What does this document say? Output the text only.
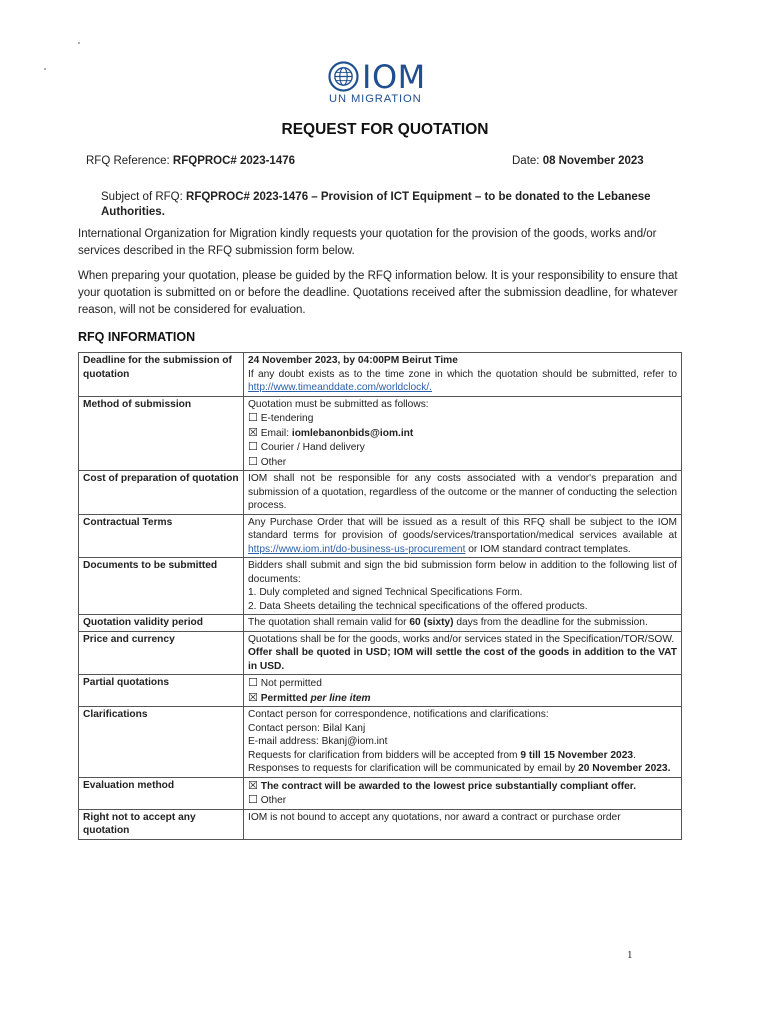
IOM
UN MIGRATION
REQUEST FOR QUOTATION
RFQ Reference: RFQPROC# 2023-1476	Date: 08 November 2023
Subject of RFQ: RFQPROC# 2023-1476 – Provision of ICT Equipment – to be donated to the Lebanese Authorities.
International Organization for Migration kindly requests your quotation for the provision of the goods, works and/or services described in the RFQ submission form below.
When preparing your quotation, please be guided by the RFQ information below. It is your responsibility to ensure that your quotation is submitted on or before the deadline. Quotations received after the submission deadline, for whatever reason, will not be considered for evaluation.
RFQ INFORMATION
Deadline for the submission of quotation	24 November 2023, by 04:00PM Beirut Time
If any doubt exists as to the time zone in which the quotation should be submitted, refer to http://www.timeanddate.com/worldclock/.
Method of submission	Quotation must be submitted as follows:
☐ E-tendering
☒ Email: iomlebanonbids@iom.int
☐ Courier / Hand delivery
☐ Other

Cost of preparation of quotation	IOM shall not be responsible for any costs associated with a vendor's preparation and submission of a quotation, regardless of the outcome or the manner of conducting the selection process.
Contractual Terms	Any Purchase Order that will be issued as a result of this RFQ shall be subject to the IOM standard terms for provision of goods/services/transportation/medical services available at https://www.iom.int/do-business-us-procurement or IOM standard contract templates.
Documents to be submitted	Bidders shall submit and sign the bid submission form below in addition to the following list of documents:
1. Duly completed and signed Technical Specifications Form.
2. Data Sheets detailing the technical specifications of the offered products.

Quotation validity period	The quotation shall remain valid for 60 (sixty) days from the deadline for the submission.
Price and currency	Quotations shall be for the goods, works and/or services stated in the Specification/TOR/SOW.
Offer shall be quoted in USD; IOM will settle the cost of the goods in addition to the VAT in USD.

Partial quotations	☐ Not permitted
☒ Permitted per line item

Clarifications	Contact person for correspondence, notifications and clarifications:
Contact person: Bilal Kanj
E-mail address: Bkanj@iom.int
Requests for clarification from bidders will be accepted from 9 till 15 November 2023.
Responses to requests for clarification will be communicated by email by 20 November 2023.

Evaluation method	☒ The contract will be awarded to the lowest price substantially compliant offer.
☐ Other

Right not to accept any quotation	IOM is not bound to accept any quotations, nor award a contract or purchase order
1
